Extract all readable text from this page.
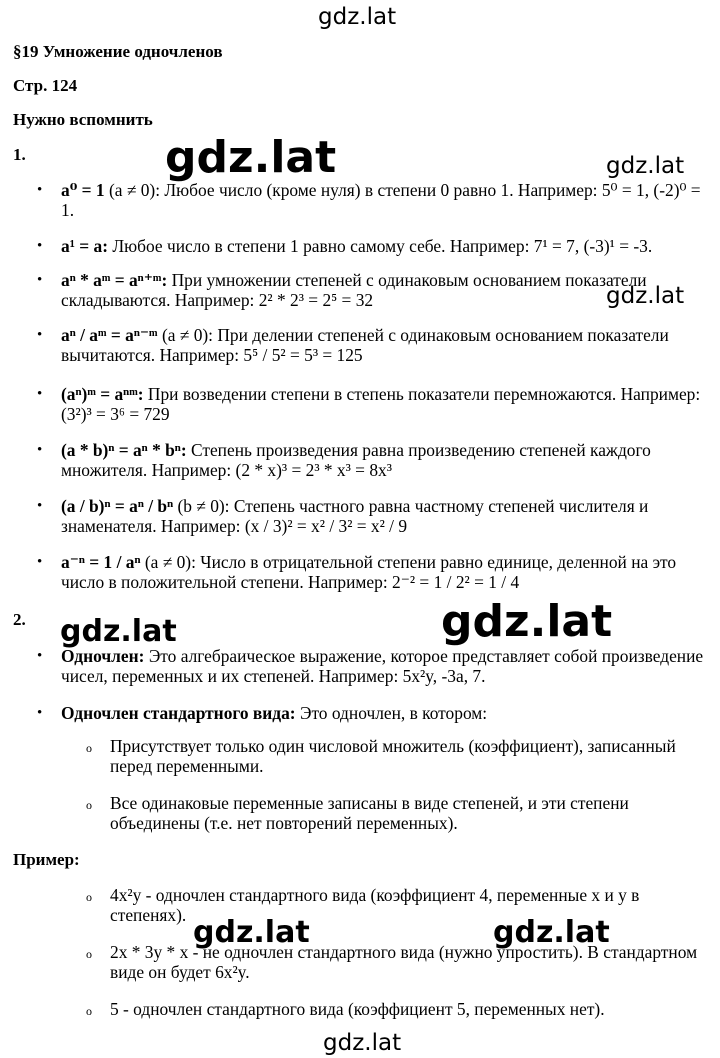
gdz.lat
§19 Умножение одночленов
Стр. 124
Нужно вспомнить
1.
• a⁰ = 1 (a ≠ 0): Любое число (кроме нуля) в степени 0 равно 1. Например: 5⁰ = 1, (-2)⁰ = 1.
• a¹ = a: Любое число в степени 1 равно самому себе. Например: 7¹ = 7, (-3)¹ = -3.
• aⁿ * aᵐ = aⁿ⁺ᵐ: При умножении степеней с одинаковым основанием показатели складываются. Например: 2² * 2³ = 2⁵ = 32
• aⁿ / aᵐ = aⁿ⁻ᵐ (a ≠ 0): При делении степеней с одинаковым основанием показатели вычитаются. Например: 5⁵ / 5² = 5³ = 125
• (aⁿ)ᵐ = aⁿᵐ: При возведении степени в степень показатели перемножаются. Например: (3²)³ = 3⁶ = 729
• (a * b)ⁿ = aⁿ * bⁿ: Степень произведения равна произведению степеней каждого множителя. Например: (2 * x)³ = 2³ * x³ = 8x³
• (a / b)ⁿ = aⁿ / bⁿ (b ≠ 0): Степень частного равна частному степеней числителя и знаменателя. Например: (x / 3)² = x² / 3² = x² / 9
• a⁻ⁿ = 1 / aⁿ (a ≠ 0): Число в отрицательной степени равно единице, деленной на это число в положительной степени. Например: 2⁻² = 1 / 2² = 1 / 4
2.
• Одночлен: Это алгебраическое выражение, которое представляет собой произведение чисел, переменных и их степеней. Например: 5x²y, -3a, 7.
• Одночлен стандартного вида: Это одночлен, в котором:
o Присутствует только один числовой множитель (коэффициент), записанный перед переменными.
o Все одинаковые переменные записаны в виде степеней, и эти степени объединены (т.е. нет повторений переменных).
Пример:
o 4x²y - одночлен стандартного вида (коэффициент 4, переменные x и y в степенях).
o 2x * 3y * x - не одночлен стандартного вида (нужно упростить). В стандартном виде он будет 6x²y.
o 5 - одночлен стандартного вида (коэффициент 5, переменных нет).
gdz.lat	gdz.lat
gdz.lat
gdz.lat	gdz.lat
gdz.lat	gdz.lat
gdz.lat
